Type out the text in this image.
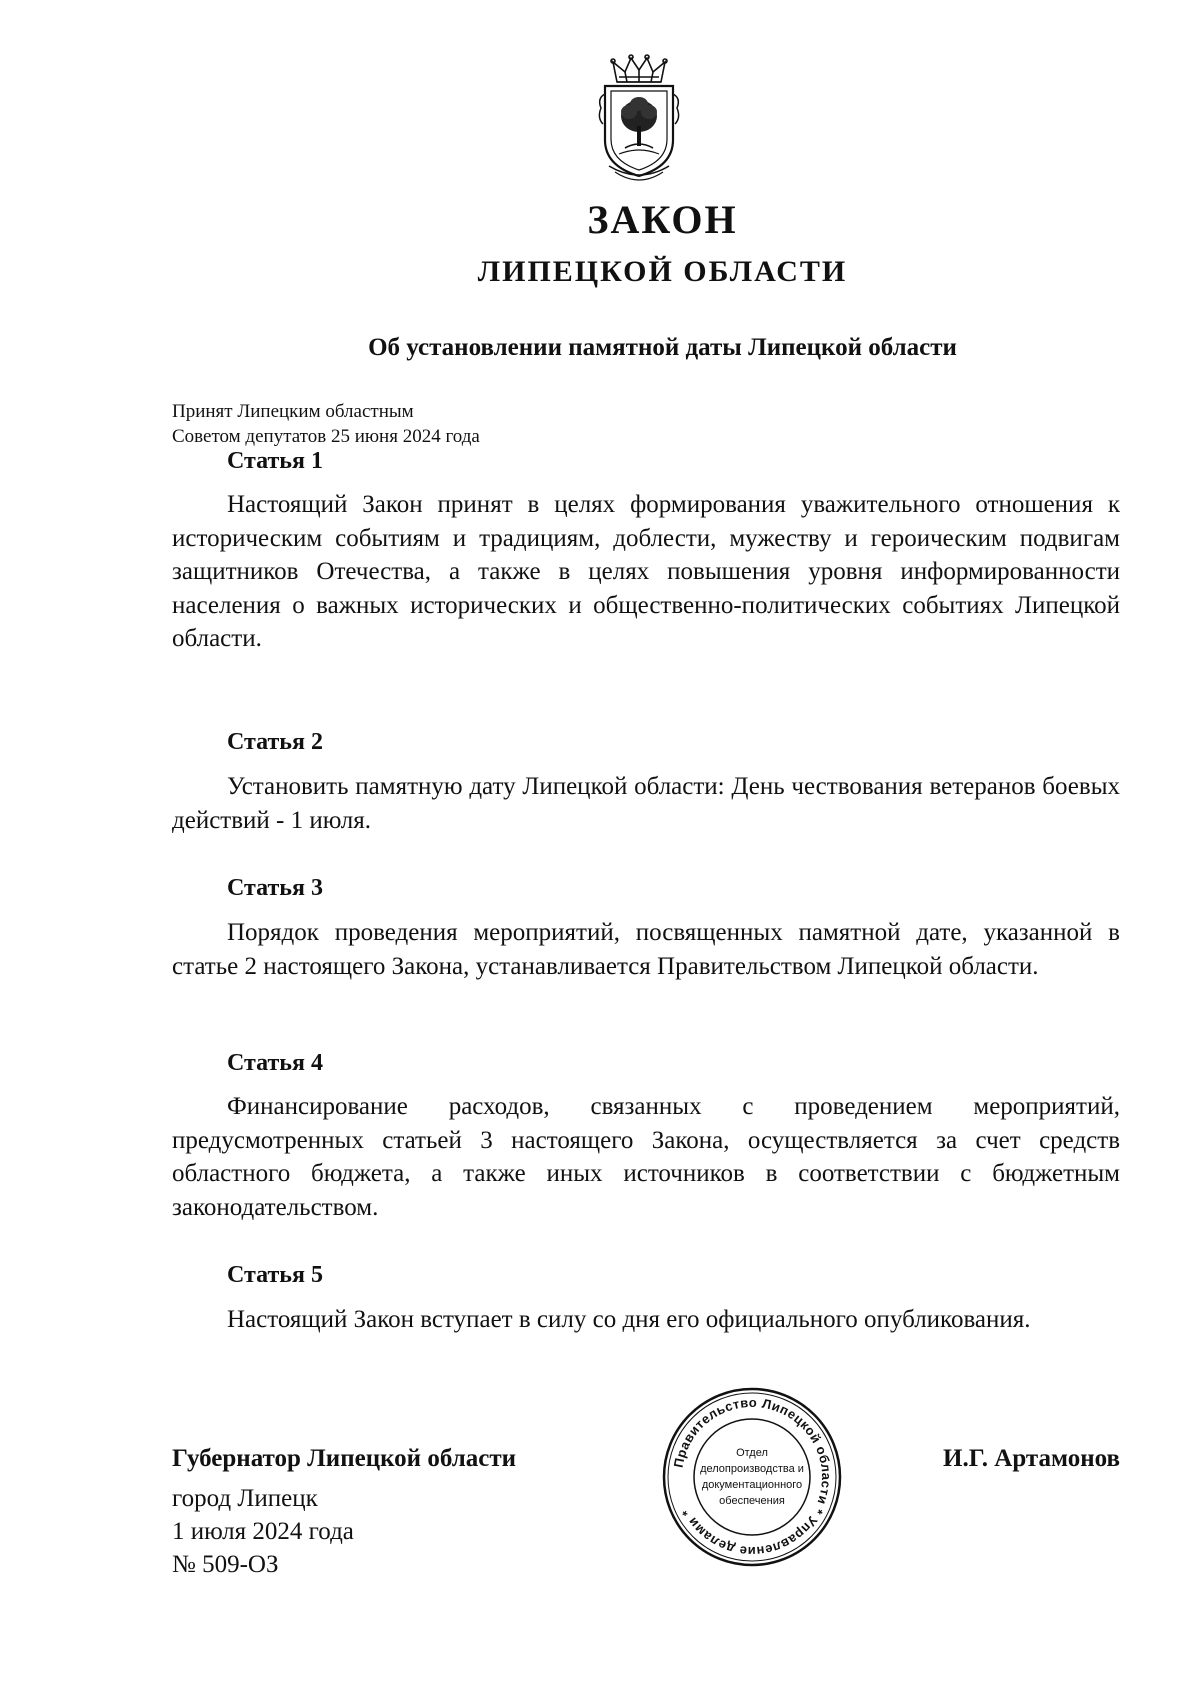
ЗАКОН
ЛИПЕЦКОЙ ОБЛАСТИ
Об установлении памятной даты Липецкой области
Принят Липецким областным
Советом депутатов 25 июня 2024 года
Статья 1

Настоящий Закон принят в целях формирования уважительного отношения к историческим событиям и традициям, доблести, мужеству и героическим подвигам защитников Отечества, а также в целях повышения уровня информированности населения о важных исторических и общественно-политических событиях Липецкой области.

Статья 2

Установить памятную дату Липецкой области: День чествования ветеранов боевых действий - 1 июля.

Статья 3

Порядок проведения мероприятий, посвященных памятной дате, указанной в статье 2 настоящего Закона, устанавливается Правительством Липецкой области.

Статья 4

Финансирование расходов, связанных с проведением мероприятий, предусмотренных статьей 3 настоящего Закона, осуществляется за счет средств областного бюджета, а также иных источников в соответствии с бюджетным законодательством.

Статья 5

Настоящий Закон вступает в силу со дня его официального опубликования.

Губернатор Липецкой области	И.Г. Артамонов
Правительство Липецкой области * Управление делами *
Отдел
делопроизводства и
документационного
обеспечения
город Липецк
1 июля 2024 года
№ 509-ОЗ
